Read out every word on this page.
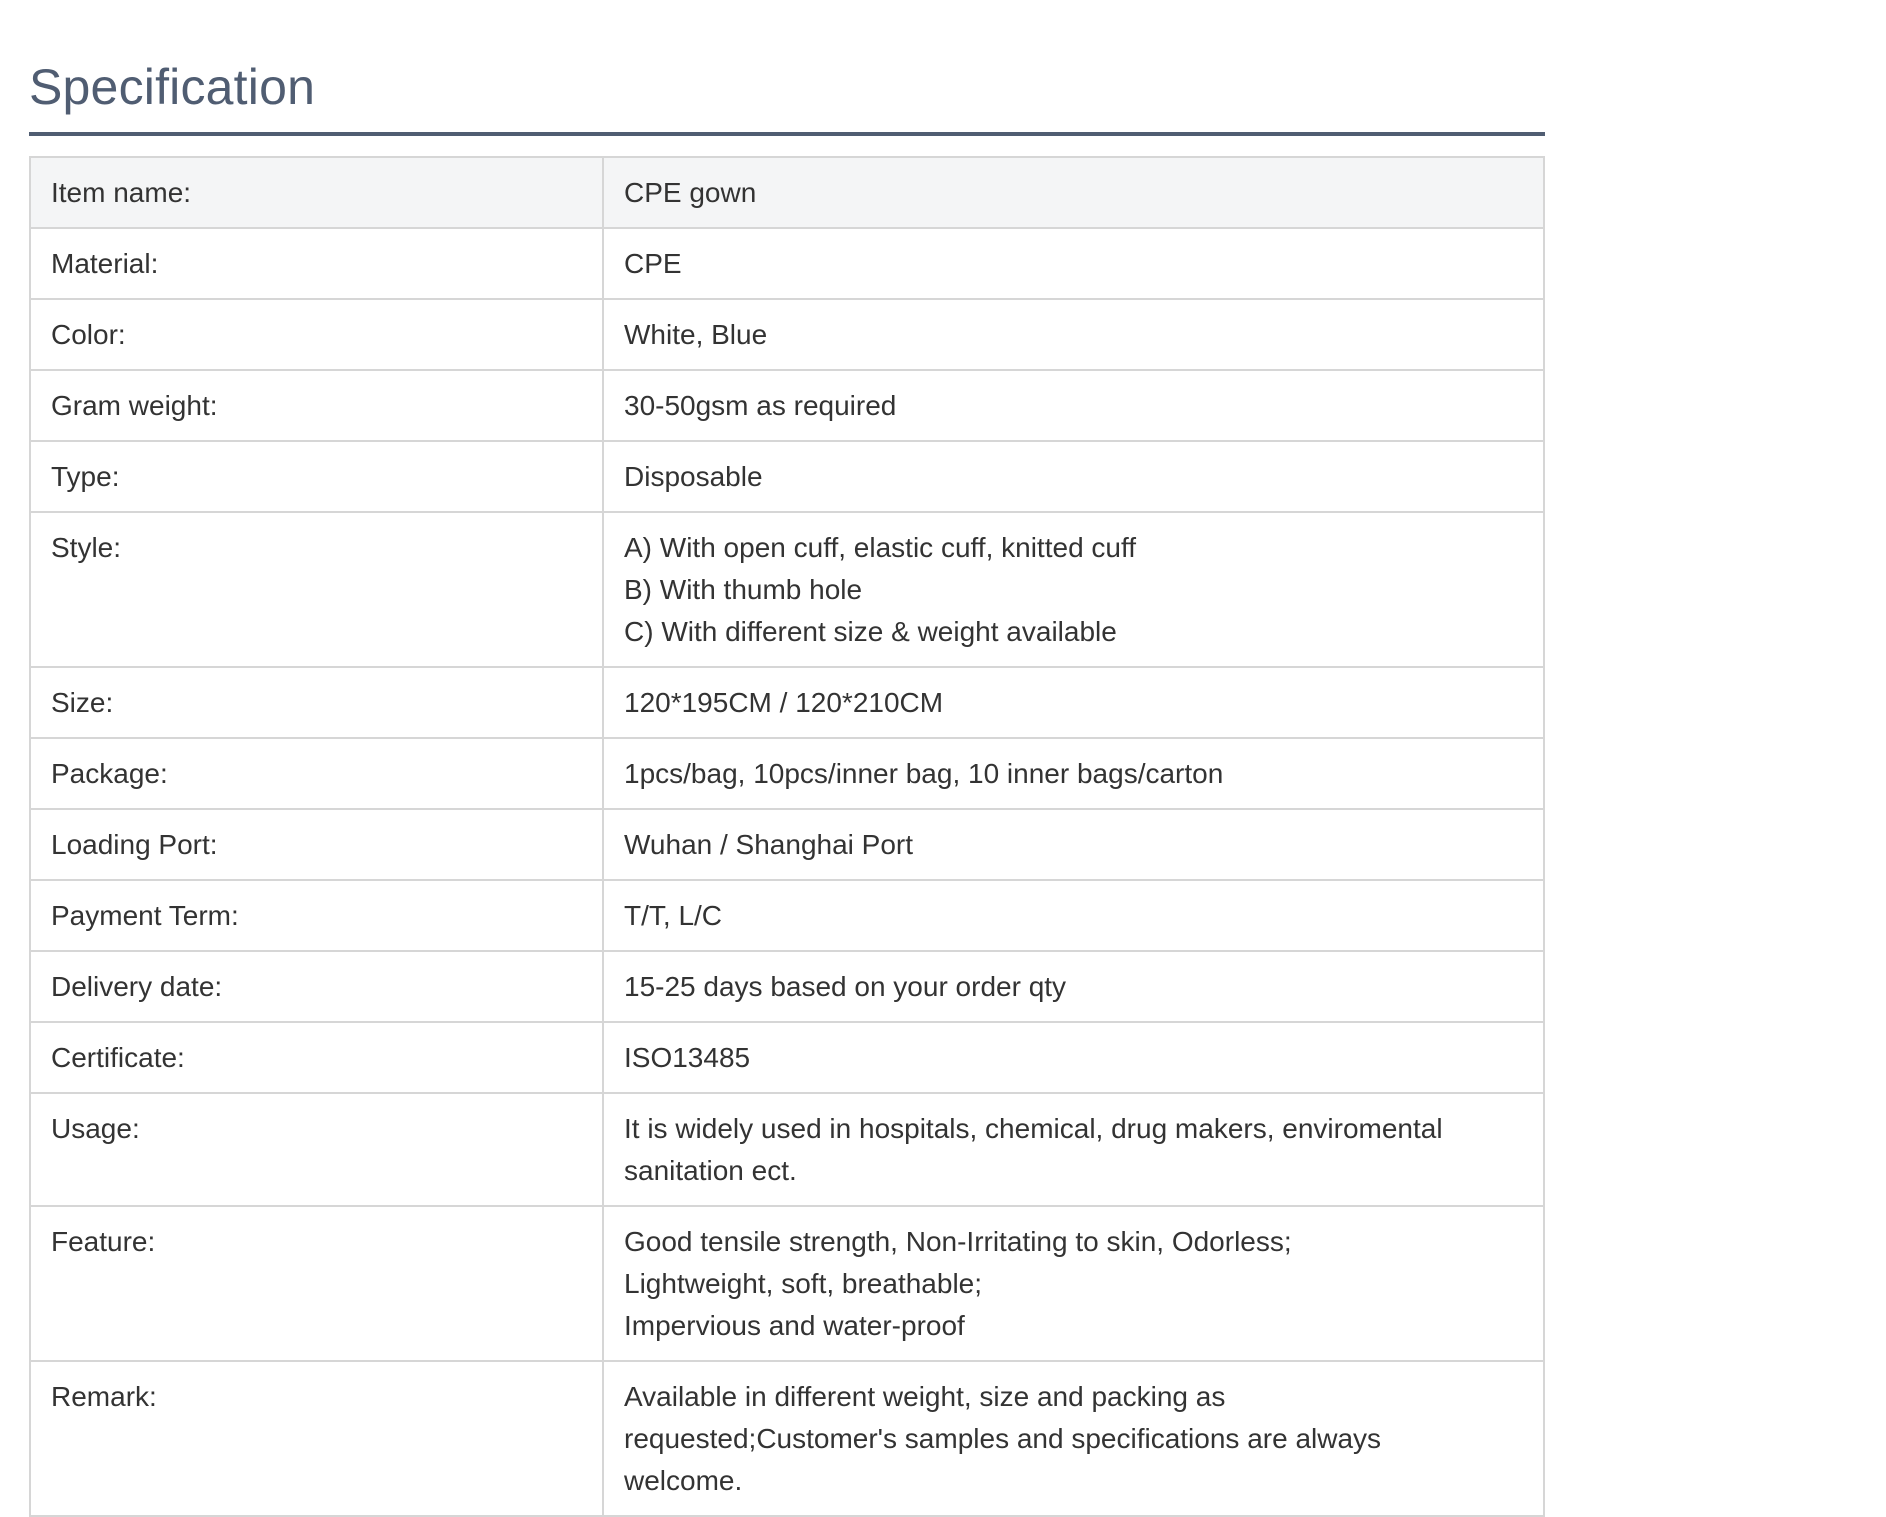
Specification
Item name:	CPE gown

Material:	CPE

Color:	White, Blue

Gram weight:	30-50gsm as required

Type:	Disposable

Style:	A) With open cuff, elastic cuff, knitted cuff
B) With thumb hole
C) With different size & weight available

Size:	120*195CM / 120*210CM

Package:	1pcs/bag, 10pcs/inner bag, 10 inner bags/carton

Loading Port:	Wuhan / Shanghai Port

Payment Term:	T/T, L/C

Delivery date:	15-25 days based on your order qty

Certificate:	ISO13485

Usage:	It is widely used in hospitals, chemical, drug makers, enviromental
sanitation ect.

Feature:	Good tensile strength, Non-Irritating to skin, Odorless;
Lightweight, soft, breathable;
Impervious and water-proof

Remark:	Available in different weight, size and packing as
requested;Customer's samples and specifications are always
welcome.
